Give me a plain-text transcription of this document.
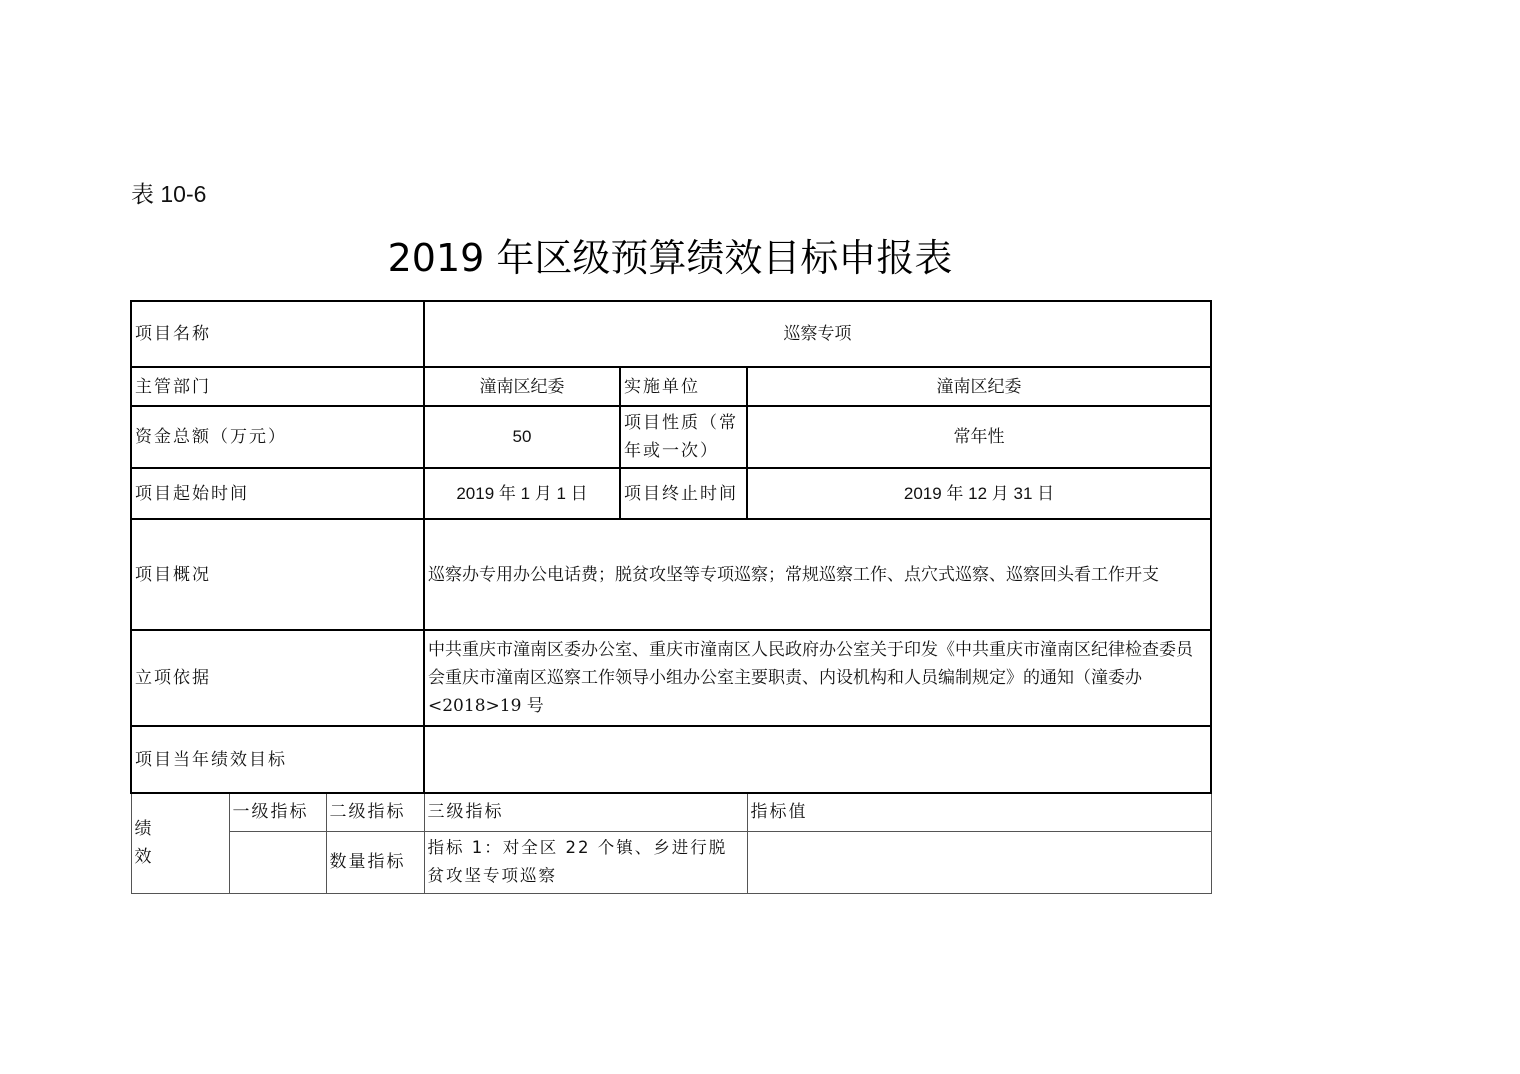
表 10-6
2019 年区级预算绩效目标申报表
项目名称			巡察专项		
主管部门			潼南区纪委	实施单位	潼南区纪委
资金总额（万元）			50	项目性质（常年或一次）	常年性
项目起始时间			2019 年 1 月 1 日	项目终止时间	2019 年 12 月 31 日
项目概况			巡察办专用办公电话费；脱贫攻坚等专项巡察；常规巡察工作、点穴式巡察、巡察回头看工作开支		
立项依据			中共重庆市潼南区委办公室、重庆市潼南区人民政府办公室关于印发《中共重庆市潼南区纪律检查委员会重庆市潼南区巡察工作领导小组办公室主要职责、内设机构和人员编制规定》的通知（潼委办<2018>19 号		
项目当年绩效目标					
绩效	一级指标	二级指标	三级指标		指标值
		数量指标	指标 1：对全区 22 个镇、乡进行脱贫攻坚专项巡察		
